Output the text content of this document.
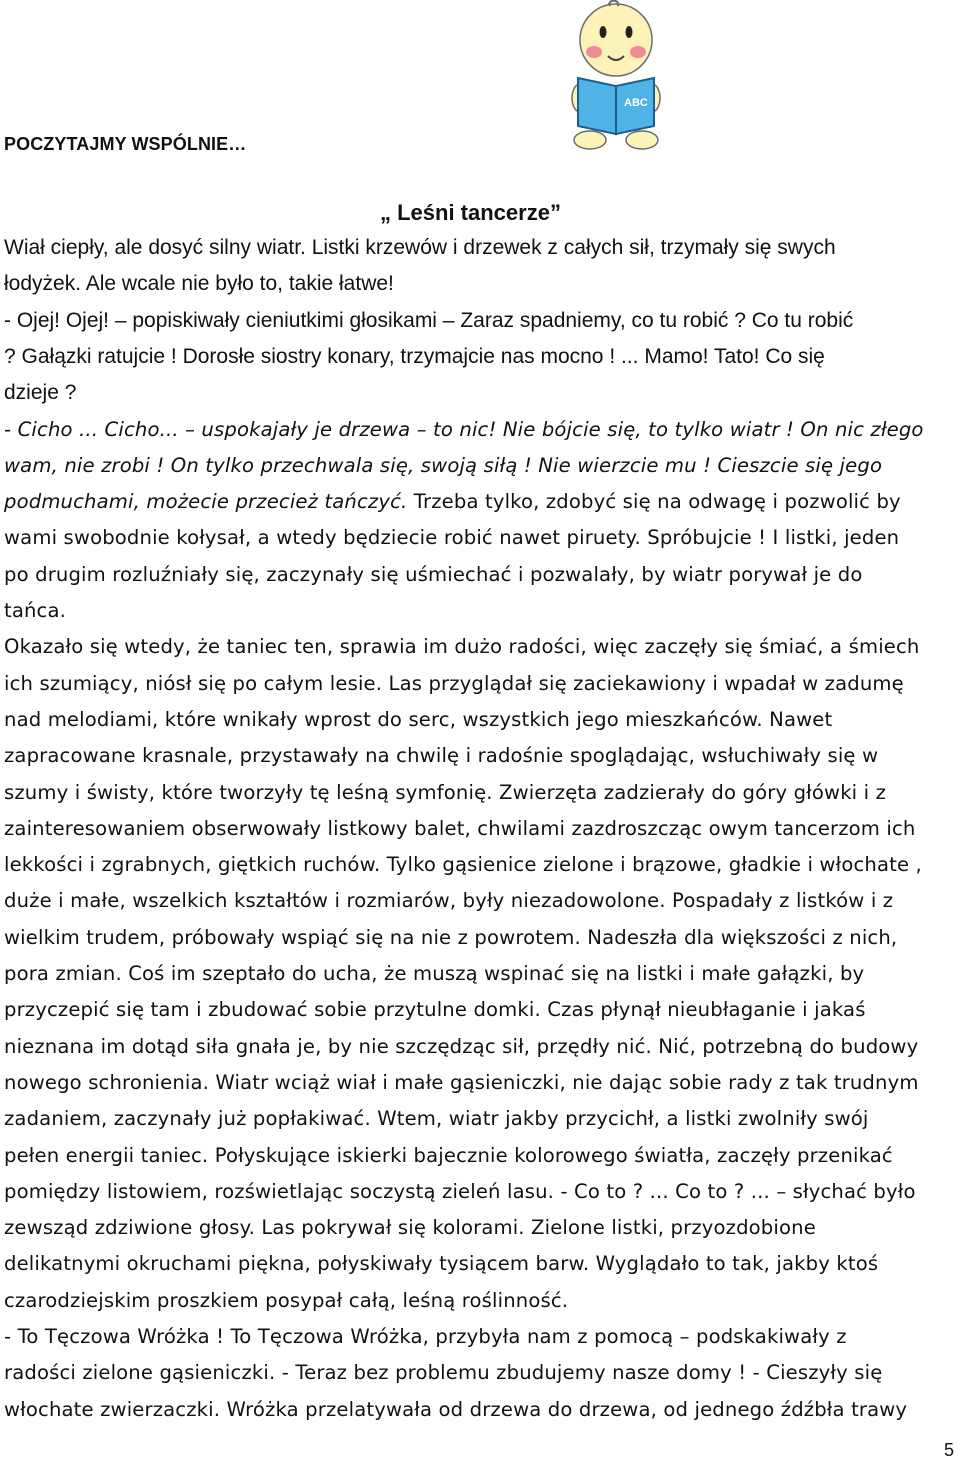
ABC
POCZYTAJMY WSPÓLNIE…
„ Leśni tancerze”
Wiał ciepły, ale dosyć silny wiatr. Listki krzewów i drzewek z całych sił, trzymały się swych
łodyżek. Ale wcale nie było to, takie łatwe!
- Ojej! Ojej! – popiskiwały cieniutkimi głosikami – Zaraz spadniemy, co tu robić ? Co tu robić
? Gałązki ratujcie ! Dorosłe siostry konary, trzymajcie nas mocno ! ... Mamo! Tato! Co się
dzieje ?
- Cicho ... Cicho... – uspokajały je drzewa – to nic! Nie bójcie się, to tylko wiatr ! On nic złego
wam, nie zrobi ! On tylko przechwala się, swoją siłą ! Nie wierzcie mu ! Cieszcie się jego
podmuchami, możecie przecież tańczyć. Trzeba tylko, zdobyć się na odwagę i pozwolić by
wami swobodnie kołysał, a wtedy będziecie robić nawet piruety. Spróbujcie ! I listki, jeden
po drugim rozluźniały się, zaczynały się uśmiechać i pozwalały, by wiatr porywał je do
tańca.
Okazało się wtedy, że taniec ten, sprawia im dużo radości, więc zaczęły się śmiać, a śmiech
ich szumiący, niósł się po całym lesie. Las przyglądał się zaciekawiony i wpadał w zadumę
nad melodiami, które wnikały wprost do serc, wszystkich jego mieszkańców. Nawet
zapracowane krasnale, przystawały na chwilę i radośnie spoglądając, wsłuchiwały się w
szumy i świsty, które tworzyły tę leśną symfonię. Zwierzęta zadzierały do góry główki i z
zainteresowaniem obserwowały listkowy balet, chwilami zazdroszcząc owym tancerzom ich
lekkości i zgrabnych, giętkich ruchów. Tylko gąsienice zielone i brązowe, gładkie i włochate ,
duże i małe, wszelkich kształtów i rozmiarów, były niezadowolone. Pospadały z listków i z
wielkim trudem, próbowały wspiąć się na nie z powrotem. Nadeszła dla większości z nich,
pora zmian. Coś im szeptało do ucha, że muszą wspinać się na listki i małe gałązki, by
przyczepić się tam i zbudować sobie przytulne domki. Czas płynął nieubłaganie i jakaś
nieznana im dotąd siła gnała je, by nie szczędząc sił, przędły nić. Nić, potrzebną do budowy
nowego schronienia. Wiatr wciąż wiał i małe gąsieniczki, nie dając sobie rady z tak trudnym
zadaniem, zaczynały już popłakiwać. Wtem, wiatr jakby przycichł, a listki zwolniły swój
pełen energii taniec. Połyskujące iskierki bajecznie kolorowego światła, zaczęły przenikać
pomiędzy listowiem, rozświetlając soczystą zieleń lasu. - Co to ? ... Co to ? ... – słychać było
zewsząd zdziwione głosy. Las pokrywał się kolorami. Zielone listki, przyozdobione
delikatnymi okruchami piękna, połyskiwały tysiącem barw. Wyglądało to tak, jakby ktoś
czarodziejskim proszkiem posypał całą, leśną roślinność.
- To Tęczowa Wróżka ! To Tęczowa Wróżka, przybyła nam z pomocą – podskakiwały z
radości zielone gąsieniczki. - Teraz bez problemu zbudujemy nasze domy ! - Cieszyły się
włochate zwierzaczki. Wróżka przelatywała od drzewa do drzewa, od jednego źdźbła trawy
5
